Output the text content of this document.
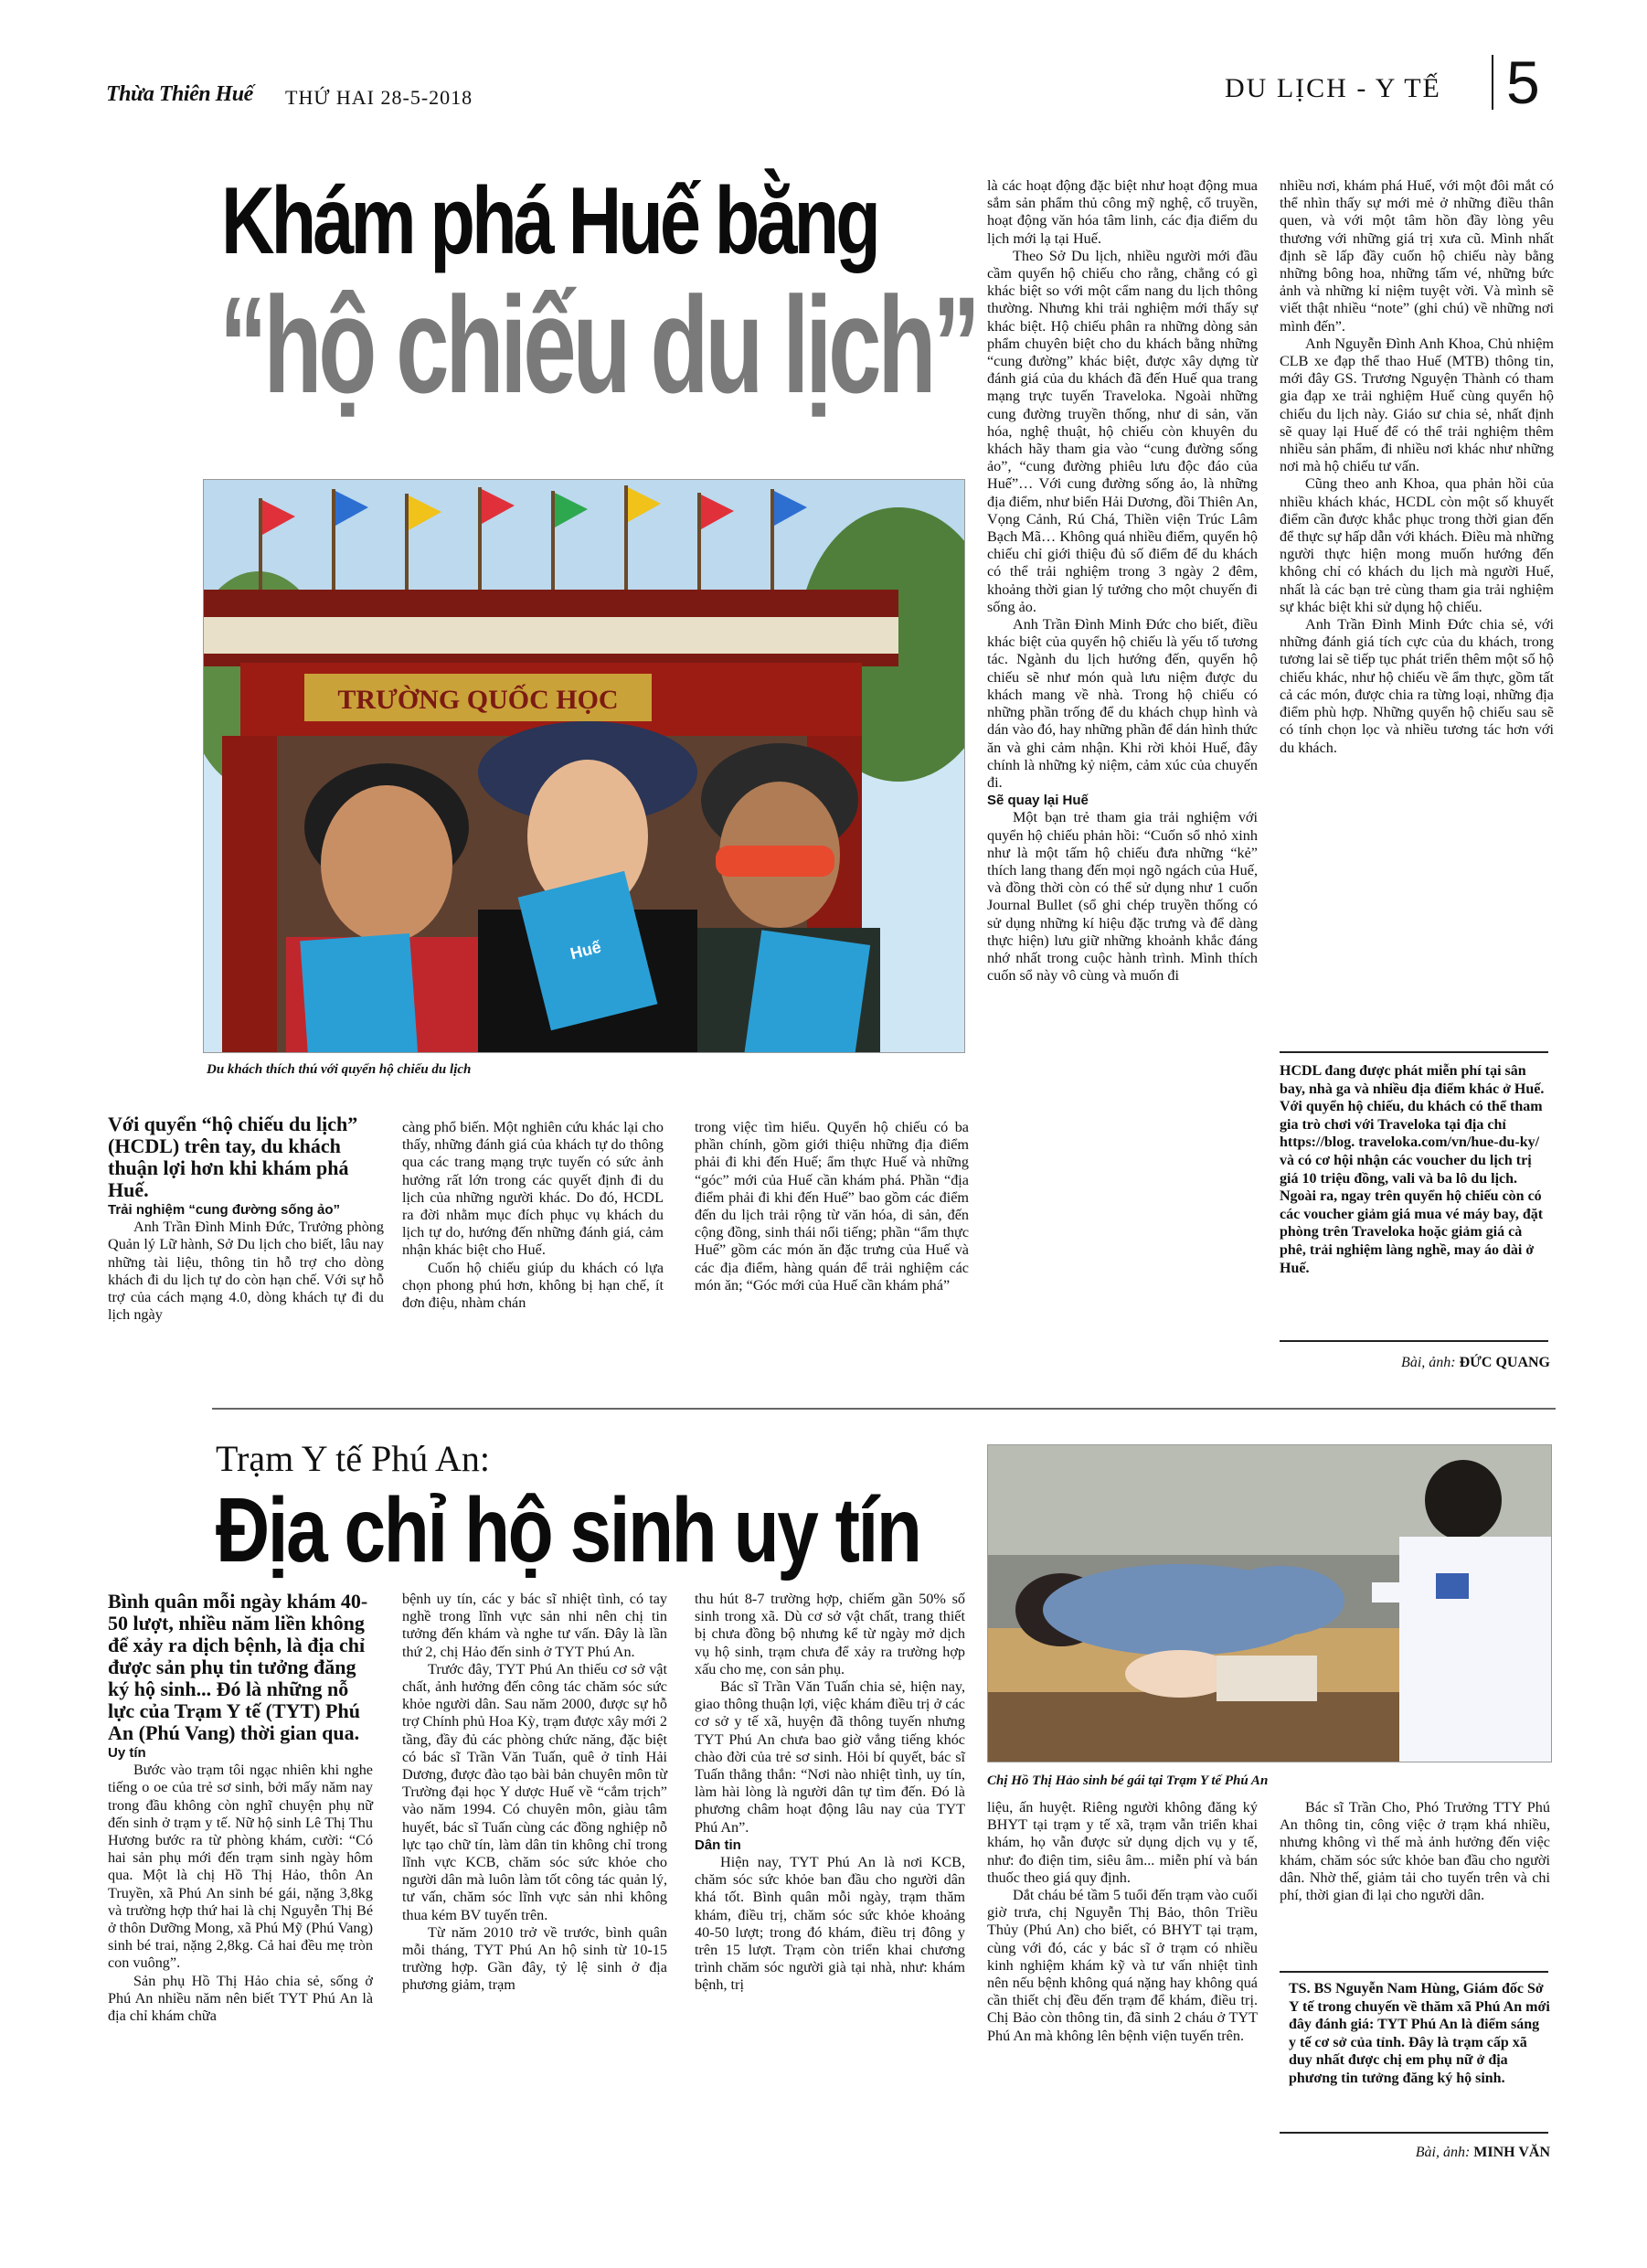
Thừa Thiên Huế THỨ HAI 28-5-2018	DU LỊCH - Y TẾ 5
Khám phá Huế bằng
“hộ chiếu du lịch”
TRƯỜNG QUỐC HỌC
Huế
Du khách thích thú với quyển hộ chiếu du lịch

Với quyển “hộ chiếu du lịch” (HCDL) trên tay, du khách thuận lợi hơn khi khám phá Huế.

Trải nghiệm “cung đường sống ảo”

Anh Trần Đình Minh Đức, Trưởng phòng Quản lý Lữ hành, Sở Du lịch cho biết, lâu nay những tài liệu, thông tin hỗ trợ cho dòng khách đi du lịch tự do còn hạn chế. Với sự hỗ trợ của cách mạng 4.0, dòng khách tự đi du lịch ngày

càng phổ biến. Một nghiên cứu khác lại cho thấy, những đánh giá của khách tự do thông qua các trang mạng trực tuyến có sức ảnh hưởng rất lớn trong các quyết định đi du lịch của những người khác. Do đó, HCDL ra đời nhằm mục đích phục vụ khách du lịch tự do, hướng đến những đánh giá, cảm nhận khác biệt cho Huế.

Cuốn hộ chiếu giúp du khách có lựa chọn phong phú hơn, không bị hạn chế, ít đơn điệu, nhàm chán

trong việc tìm hiểu. Quyển hộ chiếu có ba phần chính, gồm giới thiệu những địa điểm phải đi khi đến Huế; ẩm thực Huế và những “góc” mới của Huế cần khám phá. Phần “địa điểm phải đi khi đến Huế” bao gồm các điểm đến du lịch trải rộng từ văn hóa, di sản, đến cộng đồng, sinh thái nổi tiếng; phần “ẩm thực Huế” gồm các món ăn đặc trưng của Huế và các địa điểm, hàng quán để trải nghiệm các món ăn; “Góc mới của Huế cần khám phá”

là các hoạt động đặc biệt như hoạt động mua sắm sản phẩm thủ công mỹ nghệ, cổ truyền, hoạt động văn hóa tâm linh, các địa điểm du lịch mới lạ tại Huế.

Theo Sở Du lịch, nhiều người mới đầu cầm quyển hộ chiếu cho rằng, chẳng có gì khác biệt so với một cẩm nang du lịch thông thường. Nhưng khi trải nghiệm mới thấy sự khác biệt. Hộ chiếu phân ra những dòng sản phẩm chuyên biệt cho du khách bằng những “cung đường” khác biệt, được xây dựng từ đánh giá của du khách đã đến Huế qua trang mạng trực tuyến Traveloka. Ngoài những cung đường truyền thống, như di sản, văn hóa, nghệ thuật, hộ chiếu còn khuyên du khách hãy tham gia vào “cung đường sống ảo”, “cung đường phiêu lưu độc đáo của Huế”… Với cung đường sống ảo, là những địa điểm, như biển Hải Dương, đồi Thiên An, Vọng Cảnh, Rú Chá, Thiền viện Trúc Lâm Bạch Mã… Không quá nhiều điểm, quyển hộ chiếu chỉ giới thiệu đủ số điểm để du khách có thể trải nghiệm trong 3 ngày 2 đêm, khoảng thời gian lý tưởng cho một chuyến đi sống ảo.

Anh Trần Đình Minh Đức cho biết, điều khác biệt của quyển hộ chiếu là yếu tố tương tác. Ngành du lịch hướng đến, quyển hộ chiếu sẽ như món quà lưu niệm được du khách mang về nhà. Trong hộ chiếu có những phần trống để du khách chụp hình và dán vào đó, hay những phần để dán hình thức ăn và ghi cảm nhận. Khi rời khỏi Huế, đây chính là những kỷ niệm, cảm xúc của chuyến đi.

Sẽ quay lại Huế

Một bạn trẻ tham gia trải nghiệm với quyển hộ chiếu phản hồi: “Cuốn sổ nhỏ xinh như là một tấm hộ chiếu đưa những “kẻ” thích lang thang đến mọi ngõ ngách của Huế, và đồng thời còn có thể sử dụng như 1 cuốn Journal Bullet (sổ ghi chép truyền thống có sử dụng những kí hiệu đặc trưng và để dàng thực hiện) lưu giữ những khoảnh khắc đáng nhớ nhất trong cuộc hành trình. Mình thích cuốn sổ này vô cùng và muốn đi

nhiều nơi, khám phá Huế, với một đôi mắt có thể nhìn thấy sự mới mẻ ở những điều thân quen, và với một tâm hồn đầy lòng yêu thương với những giá trị xưa cũ. Mình nhất định sẽ lấp đầy cuốn hộ chiếu này bằng những bông hoa, những tấm vé, những bức ảnh và những kỉ niệm tuyệt vời. Và mình sẽ viết thật nhiều “note” (ghi chú) về những nơi mình đến”.

Anh Nguyễn Đình Anh Khoa, Chủ nhiệm CLB xe đạp thể thao Huế (MTB) thông tin, mới đây GS. Trương Nguyện Thành có tham gia đạp xe trải nghiệm Huế cùng quyển hộ chiếu du lịch này. Giáo sư chia sẻ, nhất định sẽ quay lại Huế để có thể trải nghiệm thêm nhiều sản phẩm, đi nhiều nơi khác như những nơi mà hộ chiếu tư vấn.

Cũng theo anh Khoa, qua phản hồi của nhiều khách khác, HCDL còn một số khuyết điểm cần được khắc phục trong thời gian đến để thực sự hấp dẫn với khách. Điều mà những người thực hiện mong muốn hướng đến không chỉ có khách du lịch mà người Huế, nhất là các bạn trẻ cùng tham gia trải nghiệm sự khác biệt khi sử dụng hộ chiếu.

Anh Trần Đình Minh Đức chia sẻ, với những đánh giá tích cực của du khách, trong tương lai sẽ tiếp tục phát triển thêm một số hộ chiếu khác, như hộ chiếu về ẩm thực, gồm tất cả các món, được chia ra từng loại, những địa điểm phù hợp. Những quyển hộ chiếu sau sẽ có tính chọn lọc và nhiều tương tác hơn với du khách.

HCDL đang được phát miễn phí tại sân bay, nhà ga và nhiều địa điểm khác ở Huế. Với quyển hộ chiếu, du khách có thể tham gia trò chơi với Traveloka tại địa chỉ https://blog. traveloka.com/vn/hue-du-ky/ và có cơ hội nhận các voucher du lịch trị giá 10 triệu đồng, vali và ba lô du lịch. Ngoài ra, ngay trên quyển hộ chiếu còn có các voucher giảm giá mua vé máy bay, đặt phòng trên Traveloka hoặc giảm giá cà phê, trải nghiệm làng nghề, may áo dài ở Huế.
Bài, ảnh: ĐỨC QUANG
Trạm Y tế Phú An:
Địa chỉ hộ sinh uy tín
Chị Hồ Thị Hảo sinh bé gái tại Trạm Y tế Phú An

Bình quân mỗi ngày khám 40-50 lượt, nhiều năm liền không để xảy ra dịch bệnh, là địa chỉ được sản phụ tin tưởng đăng ký hộ sinh... Đó là những nỗ lực của Trạm Y tế (TYT) Phú An (Phú Vang) thời gian qua.

Uy tín

Bước vào trạm tôi ngạc nhiên khi nghe tiếng o oe của trẻ sơ sinh, bởi mấy năm nay trong đầu không còn nghĩ chuyện phụ nữ đến sinh ở trạm y tế. Nữ hộ sinh Lê Thị Thu Hương bước ra từ phòng khám, cười: “Có hai sản phụ mới đến trạm sinh ngày hôm qua. Một là chị Hồ Thị Hảo, thôn An Truyền, xã Phú An sinh bé gái, nặng 3,8kg và trường hợp thứ hai là chị Nguyễn Thị Bé ở thôn Dưỡng Mong, xã Phú Mỹ (Phú Vang) sinh bé trai, nặng 2,8kg. Cả hai đều mẹ tròn con vuông”.

Sản phụ Hồ Thị Hảo chia sẻ, sống ở Phú An nhiều năm nên biết TYT Phú An là địa chỉ khám chữa

bệnh uy tín, các y bác sĩ nhiệt tình, có tay nghề trong lĩnh vực sản nhi nên chị tin tưởng đến khám và nghe tư vấn. Đây là lần thứ 2, chị Hảo đến sinh ở TYT Phú An.

Trước đây, TYT Phú An thiếu cơ sở vật chất, ảnh hưởng đến công tác chăm sóc sức khỏe người dân. Sau năm 2000, được sự hỗ trợ Chính phủ Hoa Kỳ, trạm được xây mới 2 tầng, đầy đủ các phòng chức năng, đặc biệt có bác sĩ Trần Văn Tuấn, quê ở tỉnh Hải Dương, được đào tạo bài bản chuyên môn từ Trường đại học Y dược Huế về “cắm trịch” vào năm 1994. Có chuyên môn, giàu tâm huyết, bác sĩ Tuấn cùng các đồng nghiệp nỗ lực tạo chữ tín, làm dân tin không chỉ trong lĩnh vực KCB, chăm sóc sức khỏe cho người dân mà luôn làm tốt công tác quản lý, tư vấn, chăm sóc lĩnh vực sản nhi không thua kém BV tuyến trên.

Từ năm 2010 trở về trước, bình quân mỗi tháng, TYT Phú An hộ sinh từ 10-15 trường hợp. Gần đây, tỷ lệ sinh ở địa phương giảm, trạm

thu hút 8-7 trường hợp, chiếm gần 50% số sinh trong xã. Dù cơ sở vật chất, trang thiết bị chưa đồng bộ nhưng kể từ ngày mở dịch vụ hộ sinh, trạm chưa để xảy ra trường hợp xấu cho mẹ, con sản phụ.

Bác sĩ Trần Văn Tuấn chia sẻ, hiện nay, giao thông thuận lợi, việc khám điều trị ở các cơ sở y tế xã, huyện đã thông tuyến nhưng TYT Phú An chưa bao giờ vắng tiếng khóc chào đời của trẻ sơ sinh. Hỏi bí quyết, bác sĩ Tuấn thẳng thắn: “Nơi nào nhiệt tình, uy tín, làm hài lòng là người dân tự tìm đến. Đó là phương châm hoạt động lâu nay của TYT Phú An”.

Dân tin

Hiện nay, TYT Phú An là nơi KCB, chăm sóc sức khỏe ban đầu cho người dân khá tốt. Bình quân mỗi ngày, trạm thăm khám, điều trị, chăm sóc sức khỏe khoảng 40-50 lượt; trong đó khám, điều trị đông y trên 15 lượt. Trạm còn triển khai chương trình chăm sóc người già tại nhà, như: khám bệnh, trị

liệu, ấn huyệt. Riêng người không đăng ký BHYT tại trạm y tế xã, trạm vẫn triển khai khám, họ vẫn được sử dụng dịch vụ y tế, như: đo điện tim, siêu âm... miễn phí và bán thuốc theo giá quy định.

Dắt cháu bé tầm 5 tuổi đến trạm vào cuối giờ trưa, chị Nguyễn Thị Bảo, thôn Triều Thủy (Phú An) cho biết, có BHYT tại trạm, cùng với đó, các y bác sĩ ở trạm có nhiều kinh nghiệm khám kỹ và tư vấn nhiệt tình nên nếu bệnh không quá nặng hay không quá cần thiết chị đều đến trạm để khám, điều trị. Chị Bảo còn thông tin, đã sinh 2 cháu ở TYT Phú An mà không lên bệnh viện tuyến trên.

Bác sĩ Trần Cho, Phó Trưởng TTY Phú An thông tin, công việc ở trạm khá nhiều, nhưng không vì thế mà ảnh hưởng đến việc khám, chăm sóc sức khỏe ban đầu cho người dân. Nhờ thế, giảm tải cho tuyến trên và chi phí, thời gian đi lại cho người dân.

TS. BS Nguyễn Nam Hùng, Giám đốc Sở Y tế trong chuyến về thăm xã Phú An mới đây đánh giá: TYT Phú An là điểm sáng y tế cơ sở của tỉnh. Đây là trạm cấp xã duy nhất được chị em phụ nữ ở địa phương tin tưởng đăng ký hộ sinh.
Bài, ảnh: MINH VĂN
